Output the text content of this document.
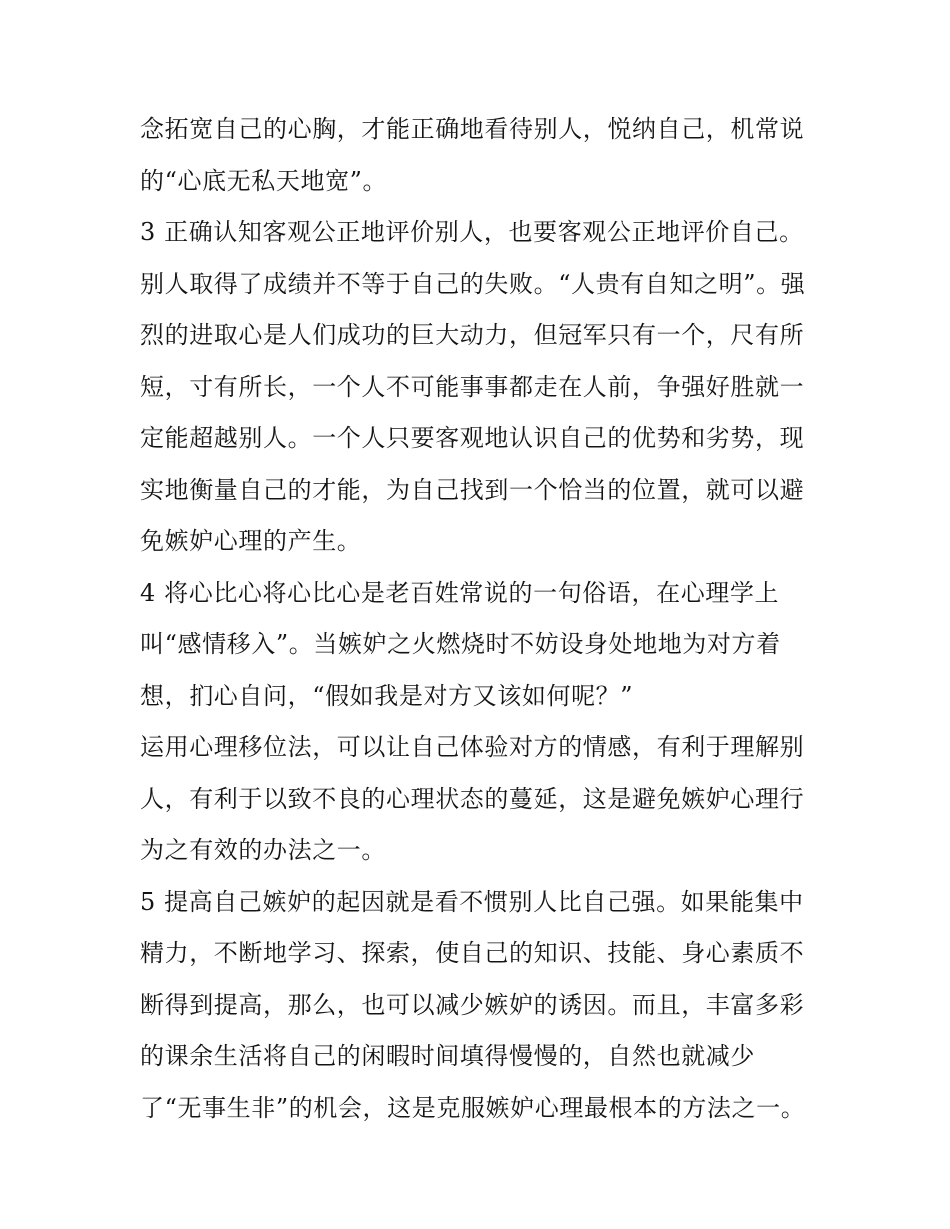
念拓宽自己的心胸，才能正确地看待别人，悦纳自己，机常说
的“心底无私天地宽”。
3 正确认知客观公正地评价别人，也要客观公正地评价自己。
别人取得了成绩并不等于自己的失败。“人贵有自知之明”。强
烈的进取心是人们成功的巨大动力，但冠军只有一个，尺有所
短，寸有所长，一个人不可能事事都走在人前，争强好胜就一
定能超越别人。一个人只要客观地认识自己的优势和劣势，现
实地衡量自己的才能，为自己找到一个恰当的位置，就可以避
免嫉妒心理的产生。
4 将心比心将心比心是老百姓常说的一句俗语，在心理学上
叫“感情移入”。当嫉妒之火燃烧时不妨设身处地地为对方着
想，扪心自问，“假如我是对方又该如何呢？”
运用心理移位法，可以让自己体验对方的情感，有利于理解别
人，有利于以致不良的心理状态的蔓延，这是避免嫉妒心理行
为之有效的办法之一。
5 提高自己嫉妒的起因就是看不惯别人比自己强。如果能集中
精力，不断地学习、探索，使自己的知识、技能、身心素质不
断得到提高，那么，也可以减少嫉妒的诱因。而且，丰富多彩
的课余生活将自己的闲暇时间填得慢慢的，自然也就减少
了“无事生非”的机会，这是克服嫉妒心理最根本的方法之一。
